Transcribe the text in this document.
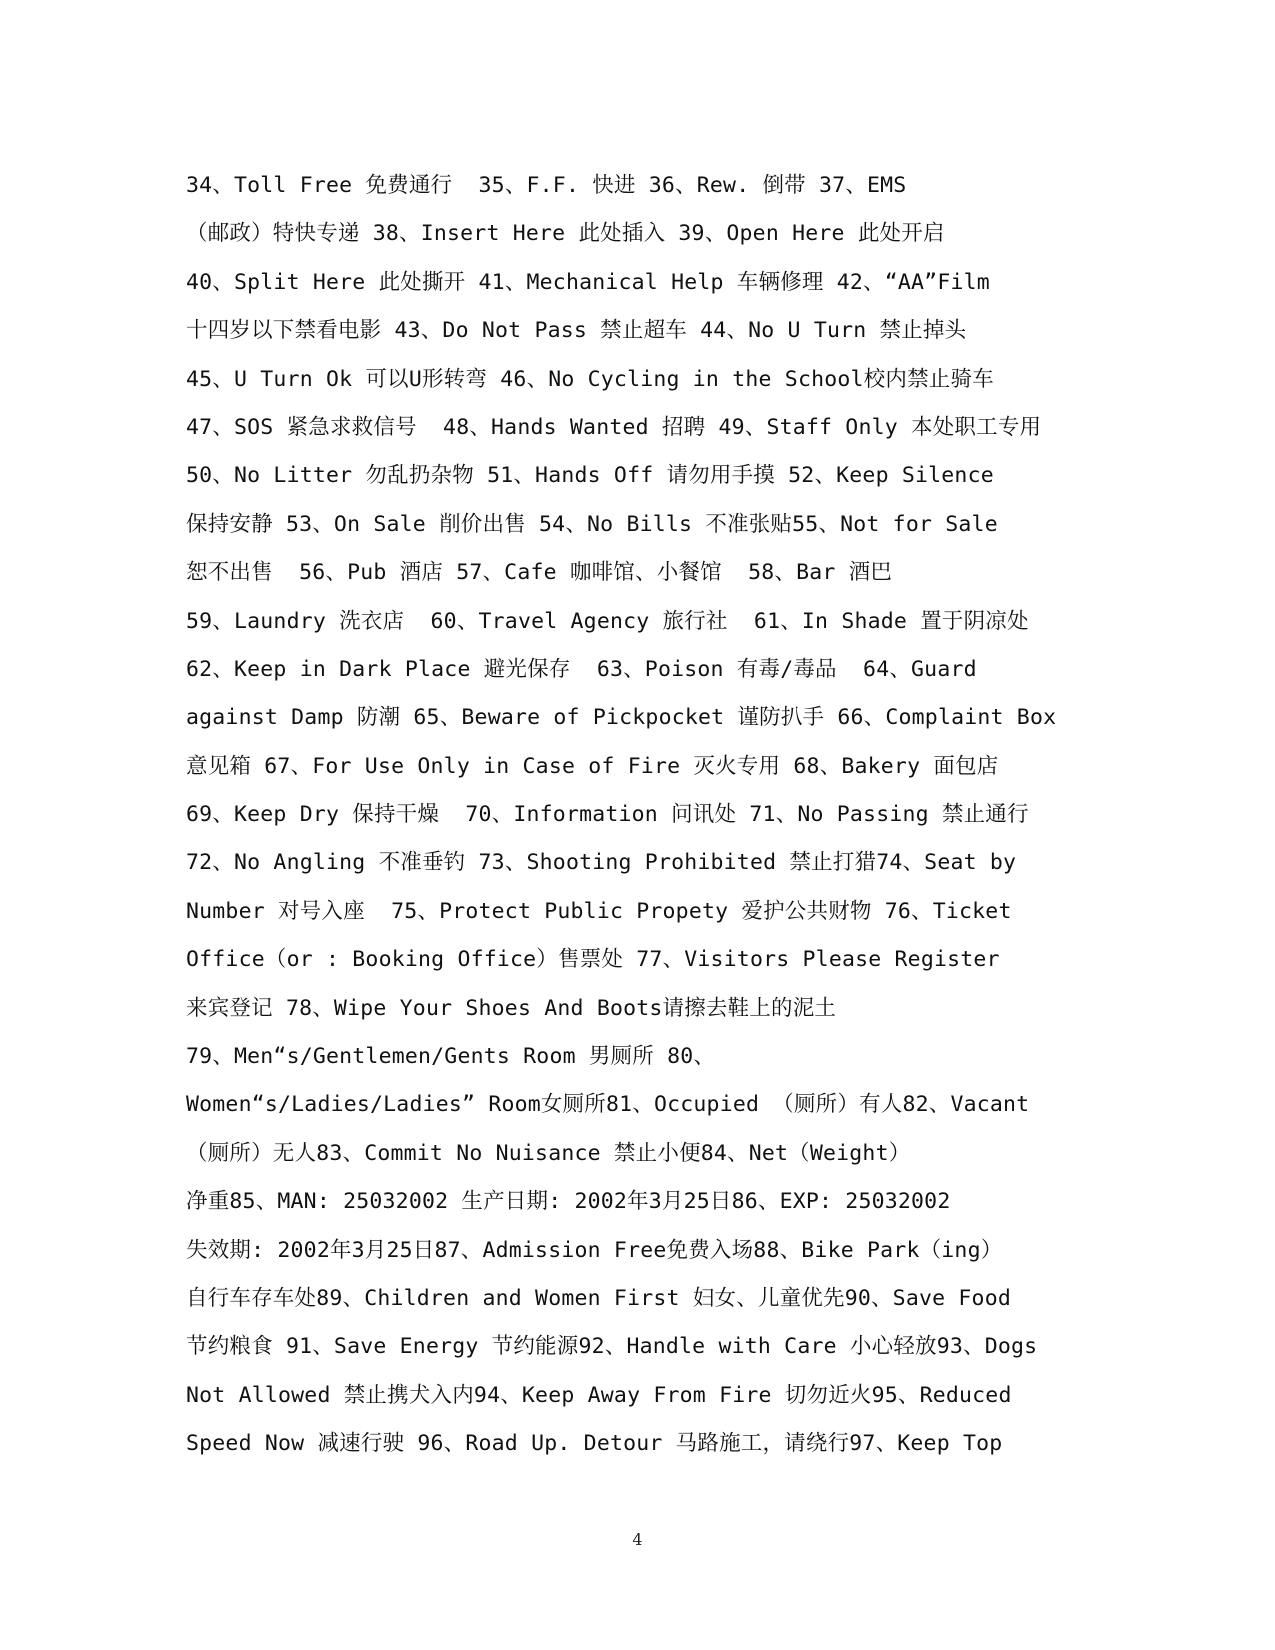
34、Toll Free 免费通行  35、F.F. 快进 36、Rew. 倒带 37、EMS
（邮政）特快专递 38、Insert Here 此处插入 39、Open Here 此处开启
40、Split Here 此处撕开 41、Mechanical Help 车辆修理 42、“AA”Film
十四岁以下禁看电影 43、Do Not Pass 禁止超车 44、No U Turn 禁止掉头
45、U Turn Ok 可以U形转弯 46、No Cycling in the School校内禁止骑车
47、SOS 紧急求救信号  48、Hands Wanted 招聘 49、Staff Only 本处职工专用
50、No Litter 勿乱扔杂物 51、Hands Off 请勿用手摸 52、Keep Silence
保持安静 53、On Sale 削价出售 54、No Bills 不准张贴55、Not for Sale
恕不出售  56、Pub 酒店 57、Cafe 咖啡馆、小餐馆  58、Bar 酒巴
59、Laundry 洗衣店  60、Travel Agency 旅行社  61、In Shade 置于阴凉处
62、Keep in Dark Place 避光保存  63、Poison 有毒/毒品  64、Guard
against Damp 防潮 65、Beware of Pickpocket 谨防扒手 66、Complaint Box
意见箱 67、For Use Only in Case of Fire 灭火专用 68、Bakery 面包店
69、Keep Dry 保持干燥  70、Information 问讯处 71、No Passing 禁止通行
72、No Angling 不准垂钓 73、Shooting Prohibited 禁止打猎74、Seat by
Number 对号入座  75、Protect Public Propety 爱护公共财物 76、Ticket
Office（or : Booking Office）售票处 77、Visitors Please Register
来宾登记 78、Wipe Your Shoes And Boots请擦去鞋上的泥土
79、Men“s/Gentlemen/Gents Room 男厕所 80、
Women“s/Ladies/Ladies” Room女厕所81、Occupied （厕所）有人82、Vacant
（厕所）无人83、Commit No Nuisance 禁止小便84、Net（Weight）
净重85、MAN: 25032002 生产日期: 2002年3月25日86、EXP: 25032002
失效期: 2002年3月25日87、Admission Free免费入场88、Bike Park（ing）
自行车存车处89、Children and Women First 妇女、儿童优先90、Save Food
节约粮食 91、Save Energy 节约能源92、Handle with Care 小心轻放93、Dogs
Not Allowed 禁止携犬入内94、Keep Away From Fire 切勿近火95、Reduced
Speed Now 减速行驶 96、Road Up. Detour 马路施工，请绕行97、Keep Top
4
